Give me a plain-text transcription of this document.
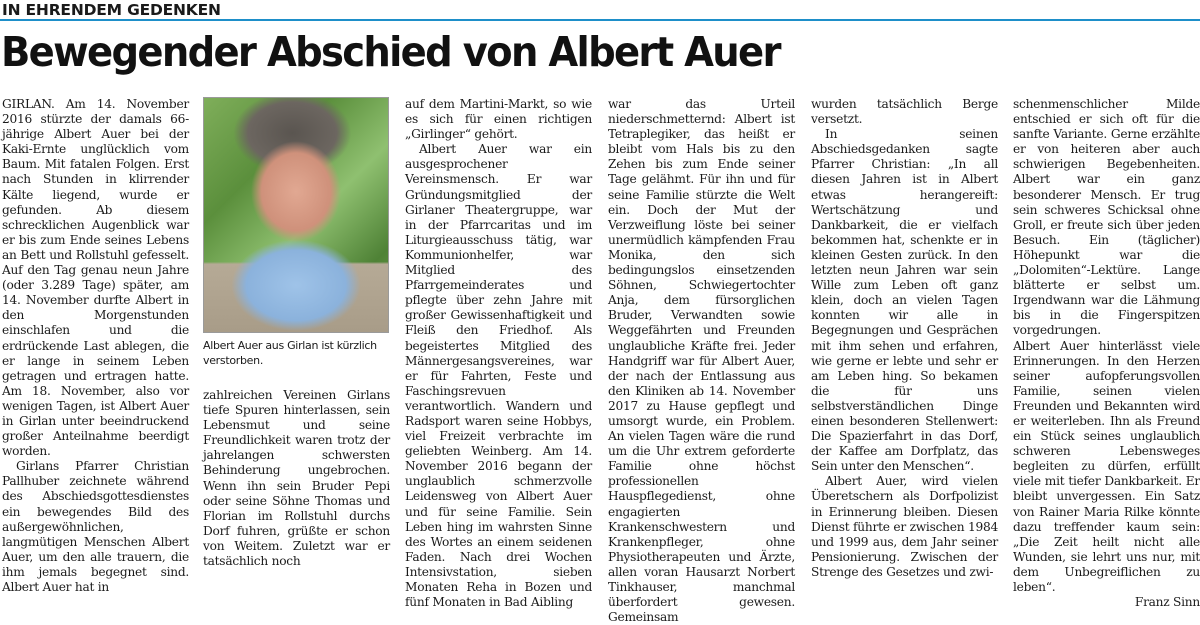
IN EHRENDEM GEDENKEN
Bewegender Abschied von Albert Auer
Albert Auer aus Girlan ist kürzlich verstorben.

GIRLAN. Am 14. November 2016 stürzte der damals 66-jährige Albert Auer bei der Kaki-Ernte unglücklich vom Baum. Mit fatalen Folgen. Erst nach Stunden in klirrender Kälte liegend, wurde er gefunden. Ab diesem schrecklichen Augenblick war er bis zum Ende seines Lebens an Bett und Rollstuhl gefesselt. Auf den Tag genau neun Jahre (oder 3.289 Tage) später, am 14. November durfte Albert in den Morgenstunden einschlafen und die erdrückende Last ablegen, die er lange in seinem Leben getragen und ertragen hatte. Am 18. November, also vor wenigen Tagen, ist Albert Auer in Girlan unter beeindruckend großer Anteilnahme beerdigt worden.

Girlans Pfarrer Christian Pallhuber zeichnete während des Abschiedsgottesdienstes ein bewegendes Bild des außergewöhnlichen, langmütigen Menschen Albert Auer, um den alle trauern, die ihm jemals begegnet sind. Albert Auer hat in

zahlreichen Vereinen Girlans tiefe Spuren hinterlassen, sein Lebensmut und seine Freundlichkeit waren trotz der jahrelangen schwersten Behinderung ungebrochen. Wenn ihn sein Bruder Pepi oder seine Söhne Thomas und Florian im Rollstuhl durchs Dorf fuhren, grüßte er schon von Weitem. Zuletzt war er tatsächlich noch

auf dem Martini-Markt, so wie es sich für einen richtigen „Girlinger“ gehört.

Albert Auer war ein ausgesprochener Vereinsmensch. Er war Gründungsmitglied der Girlaner Theatergruppe, war in der Pfarrcaritas und im Liturgieausschuss tätig, war Kommunionhelfer, war Mitglied des Pfarrgemeinderates und pflegte über zehn Jahre mit großer Gewissenhaftigkeit und Fleiß den Friedhof. Als begeistertes Mitglied des Männergesangsvereines, war er für Fahrten, Feste und Faschingsrevuen verantwortlich. Wandern und Radsport waren seine Hobbys, viel Freizeit verbrachte im geliebten Weinberg. Am 14. November 2016 begann der unglaublich schmerzvolle Leidensweg von Albert Auer und für seine Familie. Sein Leben hing im wahrsten Sinne des Wortes an einem seidenen Faden. Nach drei Wochen Intensivstation, sieben Monaten Reha in Bozen und fünf Monaten in Bad Aibling

war das Urteil niederschmetternd: Albert ist Tetraplegiker, das heißt er bleibt vom Hals bis zu den Zehen bis zum Ende seiner Tage gelähmt. Für ihn und für seine Familie stürzte die Welt ein. Doch der Mut der Verzweiflung löste bei seiner unermüdlich kämpfenden Frau Monika, den sich bedingungslos einsetzenden Söhnen, Schwiegertochter Anja, dem fürsorglichen Bruder, Verwandten sowie Weggefährten und Freunden unglaubliche Kräfte frei. Jeder Handgriff war für Albert Auer, der nach der Entlassung aus den Kliniken ab 14. November 2017 zu Hause gepflegt und umsorgt wurde, ein Problem. An vielen Tagen wäre die rund um die Uhr extrem geforderte Familie ohne höchst professionellen Hauspflegedienst, ohne engagierten Krankenschwestern und Krankenpfleger, ohne Physiotherapeuten und Ärzte, allen voran Hausarzt Norbert Tinkhauser, manchmal überfordert gewesen. Gemeinsam

wurden tatsächlich Berge versetzt.

In seinen Abschiedsgedanken sagte Pfarrer Christian: „In all diesen Jahren ist in Albert etwas herangereift: Wertschätzung und Dankbarkeit, die er vielfach bekommen hat, schenkte er in kleinen Gesten zurück. In den letzten neun Jahren war sein Wille zum Leben oft ganz klein, doch an vielen Tagen konnten wir alle in Begegnungen und Gesprächen mit ihm sehen und erfahren, wie gerne er lebte und sehr er am Leben hing. So bekamen die für uns selbstverständlichen Dinge einen besonderen Stellenwert: Die Spazierfahrt in das Dorf, der Kaffee am Dorfplatz, das Sein unter den Menschen“.

Albert Auer, wird vielen Überetschern als Dorfpolizist in Erinnerung bleiben. Diesen Dienst führte er zwischen 1984 und 1999 aus, dem Jahr seiner Pensionierung. Zwischen der Strenge des Gesetzes und zwi-

schenmenschlicher Milde entschied er sich oft für die sanfte Variante. Gerne erzählte er von heiteren aber auch schwierigen Begebenheiten. Albert war ein ganz besonderer Mensch. Er trug sein schweres Schicksal ohne Groll, er freute sich über jeden Besuch. Ein (täglicher) Höhepunkt war die „Dolomiten“-Lektüre. Lange blätterte er selbst um. Irgendwann war die Lähmung bis in die Fingerspitzen vorgedrungen.

Albert Auer hinterlässt viele Erinnerungen. In den Herzen seiner aufopferungsvollen Familie, seinen vielen Freunden und Bekannten wird er weiterleben. Ihn als Freund ein Stück seines unglaublich schweren Lebensweges begleiten zu dürfen, erfüllt viele mit tiefer Dankbarkeit. Er bleibt unvergessen. Ein Satz von Rainer Maria Rilke könnte dazu treffender kaum sein: „Die Zeit heilt nicht alle Wunden, sie lehrt uns nur, mit dem Unbegreiflichen zu leben“.

Franz Sinn
